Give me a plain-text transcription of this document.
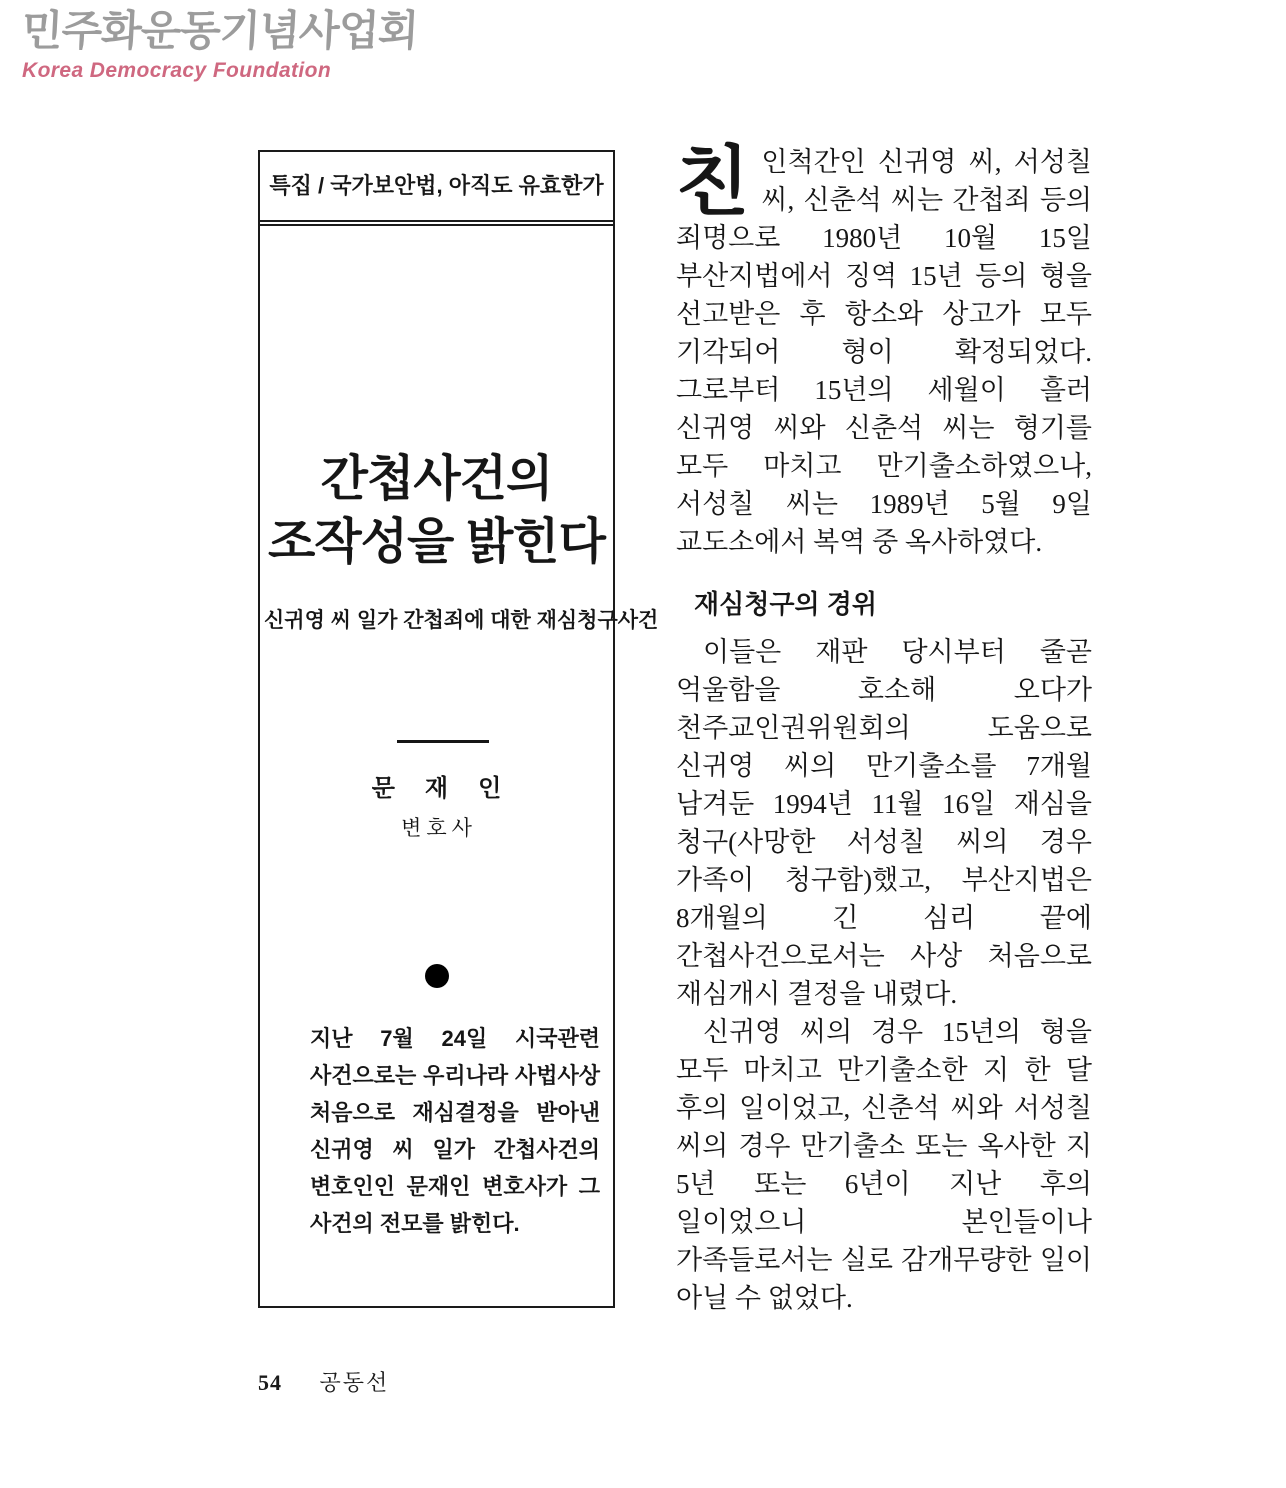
민주화운동기념사업회
Korea Democracy Foundation
특집 / 국가보안법, 아직도 유효한가
간첩사건의
조작성을 밝힌다
신귀영 씨 일가 간첩죄에 대한 재심청구사건
문 재 인
변호사

지난 7월 24일 시국관련 사건으로는 우리나라 사법사상 처음으로 재심결정을 받아낸 신귀영 씨 일가 간첩사건의 변호인인 문재인 변호사가 그 사건의 전모를 밝힌다.

친인척간인 신귀영 씨, 서성칠 씨, 신춘석 씨는 간첩죄 등의 죄명으로 1980년 10월 15일 부산지법에서 징역 15년 등의 형을 선고받은 후 항소와 상고가 모두 기각되어 형이 확정되었다. 그로부터 15년의 세월이 흘러 신귀영 씨와 신춘석 씨는 형기를 모두 마치고 만기출소하였으나, 서성칠 씨는 1989년 5월 9일 교도소에서 복역 중 옥사하였다.

재심청구의 경위

이들은 재판 당시부터 줄곧 억울함을 호소해 오다가 천주교인권위원회의 도움으로 신귀영 씨의 만기출소를 7개월 남겨둔 1994년 11월 16일 재심을 청구(사망한 서성칠 씨의 경우 가족이 청구함)했고, 부산지법은 8개월의 긴 심리 끝에 간첩사건으로서는 사상 처음으로 재심개시 결정을 내렸다.

신귀영 씨의 경우 15년의 형을 모두 마치고 만기출소한 지 한 달 후의 일이었고, 신춘석 씨와 서성칠 씨의 경우 만기출소 또는 옥사한 지 5년 또는 6년이 지난 후의 일이었으니 본인들이나 가족들로서는 실로 감개무량한 일이 아닐 수 없었다.

54 공동선
